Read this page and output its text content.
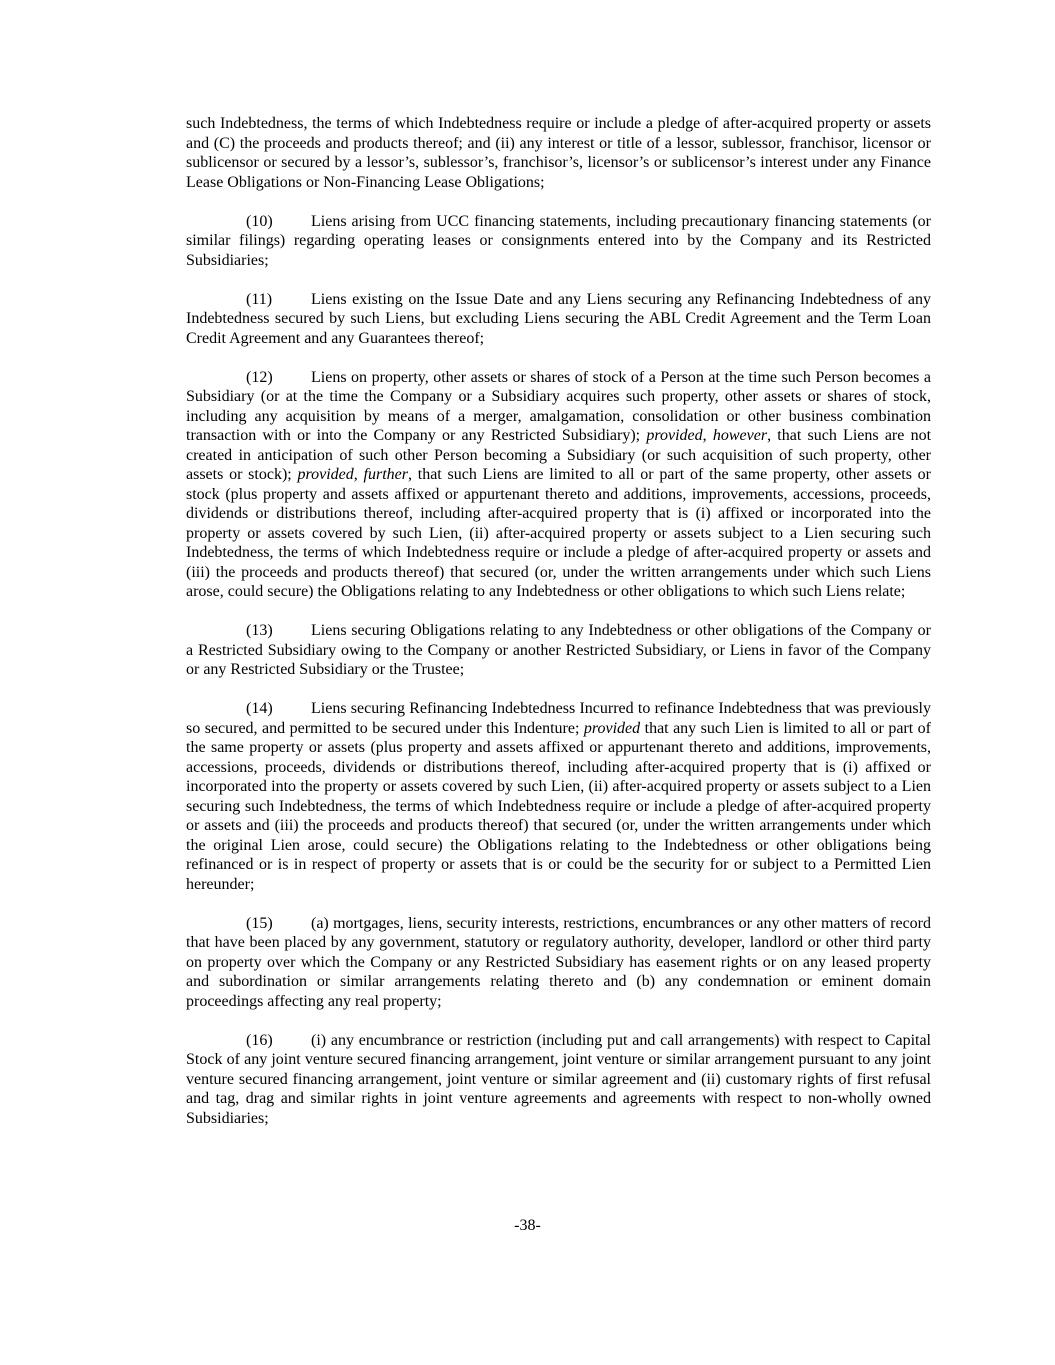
such Indebtedness, the terms of which Indebtedness require or include a pledge of after-acquired property or assets and (C) the proceeds and products thereof; and (ii) any interest or title of a lessor, sublessor, franchisor, licensor or sublicensor or secured by a lessor’s, sublessor’s, franchisor’s, licensor’s or sublicensor’s interest under any Finance Lease Obligations or Non-Financing Lease Obligations;
(10) Liens arising from UCC financing statements, including precautionary financing statements (or similar filings) regarding operating leases or consignments entered into by the Company and its Restricted Subsidiaries;
(11) Liens existing on the Issue Date and any Liens securing any Refinancing Indebtedness of any Indebtedness secured by such Liens, but excluding Liens securing the ABL Credit Agreement and the Term Loan Credit Agreement and any Guarantees thereof;
(12) Liens on property, other assets or shares of stock of a Person at the time such Person becomes a Subsidiary (or at the time the Company or a Subsidiary acquires such property, other assets or shares of stock, including any acquisition by means of a merger, amalgamation, consolidation or other business combination transaction with or into the Company or any Restricted Subsidiary); provided, however, that such Liens are not created in anticipation of such other Person becoming a Subsidiary (or such acquisition of such property, other assets or stock); provided, further, that such Liens are limited to all or part of the same property, other assets or stock (plus property and assets affixed or appurtenant thereto and additions, improvements, accessions, proceeds, dividends or distributions thereof, including after-acquired property that is (i) affixed or incorporated into the property or assets covered by such Lien, (ii) after-acquired property or assets subject to a Lien securing such Indebtedness, the terms of which Indebtedness require or include a pledge of after-acquired property or assets and (iii) the proceeds and products thereof) that secured (or, under the written arrangements under which such Liens arose, could secure) the Obligations relating to any Indebtedness or other obligations to which such Liens relate;
(13) Liens securing Obligations relating to any Indebtedness or other obligations of the Company or a Restricted Subsidiary owing to the Company or another Restricted Subsidiary, or Liens in favor of the Company or any Restricted Subsidiary or the Trustee;
(14) Liens securing Refinancing Indebtedness Incurred to refinance Indebtedness that was previously so secured, and permitted to be secured under this Indenture; provided that any such Lien is limited to all or part of the same property or assets (plus property and assets affixed or appurtenant thereto and additions, improvements, accessions, proceeds, dividends or distributions thereof, including after-acquired property that is (i) affixed or incorporated into the property or assets covered by such Lien, (ii) after-acquired property or assets subject to a Lien securing such Indebtedness, the terms of which Indebtedness require or include a pledge of after-acquired property or assets and (iii) the proceeds and products thereof) that secured (or, under the written arrangements under which the original Lien arose, could secure) the Obligations relating to the Indebtedness or other obligations being refinanced or is in respect of property or assets that is or could be the security for or subject to a Permitted Lien hereunder;
(15) (a) mortgages, liens, security interests, restrictions, encumbrances or any other matters of record that have been placed by any government, statutory or regulatory authority, developer, landlord or other third party on property over which the Company or any Restricted Subsidiary has easement rights or on any leased property and subordination or similar arrangements relating thereto and (b) any condemnation or eminent domain proceedings affecting any real property;
(16) (i) any encumbrance or restriction (including put and call arrangements) with respect to Capital Stock of any joint venture secured financing arrangement, joint venture or similar arrangement pursuant to any joint venture secured financing arrangement, joint venture or similar agreement and (ii) customary rights of first refusal and tag, drag and similar rights in joint venture agreements and agreements with respect to non-wholly owned Subsidiaries;
-38-
